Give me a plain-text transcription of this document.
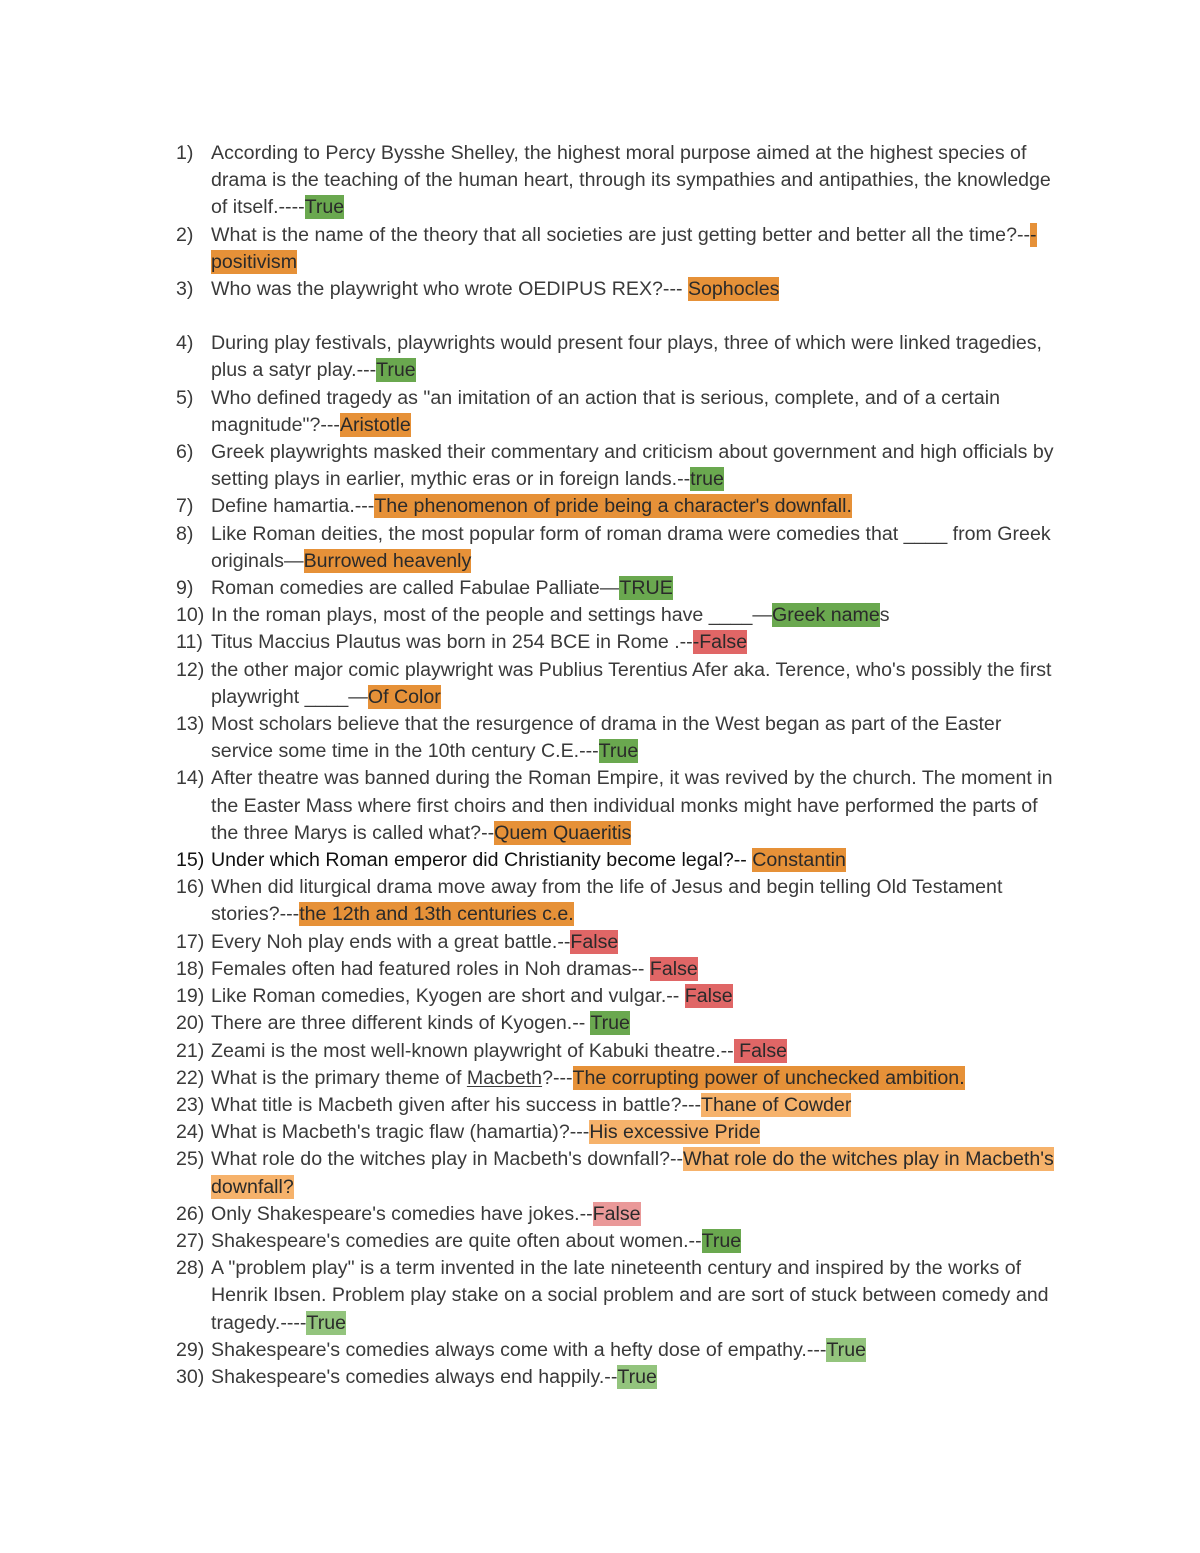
1) According to Percy Bysshe Shelley, the highest moral purpose aimed at the highest species of drama is the teaching of the human heart, through its sympathies and antipathies, the knowledge of itself.----True
2) What is the name of the theory that all societies are just getting better and better all the time?---positivism
3) Who was the playwright who wrote OEDIPUS REX?--- Sophocles
4) During play festivals, playwrights would present four plays, three of which were linked tragedies, plus a satyr play.---True
5) Who defined tragedy as "an imitation of an action that is serious, complete, and of a certain magnitude"?---Aristotle
6) Greek playwrights masked their commentary and criticism about government and high officials by setting plays in earlier, mythic eras or in foreign lands.--true
7) Define hamartia.---The phenomenon of pride being a character's downfall.
8) Like Roman deities, the most popular form of roman drama were comedies that ____ from Greek originals—Burrowed heavenly
9) Roman comedies are called Fabulae Palliate—TRUE
10) In the roman plays, most of the people and settings have ____—Greek names
11) Titus Maccius Plautus was born in 254 BCE in Rome .---False
12) the other major comic playwright was Publius Terentius Afer aka. Terence, who's possibly the first playwright ____—Of Color
13) Most scholars believe that the resurgence of drama in the West began as part of the Easter service some time in the 10th century C.E.---True
14) After theatre was banned during the Roman Empire, it was revived by the church. The moment in the Easter Mass where first choirs and then individual monks might have performed the parts of the three Marys is called what?--Quem Quaeritis
15) Under which Roman emperor did Christianity become legal?-- Constantin
16) When did liturgical drama move away from the life of Jesus and begin telling Old Testament stories?---the 12th and 13th centuries c.e.
17) Every Noh play ends with a great battle.--False
18) Females often had featured roles in Noh dramas-- False
19) Like Roman comedies, Kyogen are short and vulgar.-- False
20) There are three different kinds of Kyogen.-- True
21) Zeami is the most well-known playwright of Kabuki theatre.-- False
22) What is the primary theme of Macbeth?---The corrupting power of unchecked ambition.
23) What title is Macbeth given after his success in battle?---Thane of Cowder
24) What is Macbeth's tragic flaw (hamartia)?---His excessive Pride
25) What role do the witches play in Macbeth's downfall?--What role do the witches play in Macbeth's downfall?
26) Only Shakespeare's comedies have jokes.--False
27) Shakespeare's comedies are quite often about women.--True
28) A "problem play" is a term invented in the late nineteenth century and inspired by the works of Henrik Ibsen. Problem play stake on a social problem and are sort of stuck between comedy and tragedy.----True
29) Shakespeare's comedies always come with a hefty dose of empathy.---True
30) Shakespeare's comedies always end happily.--True
